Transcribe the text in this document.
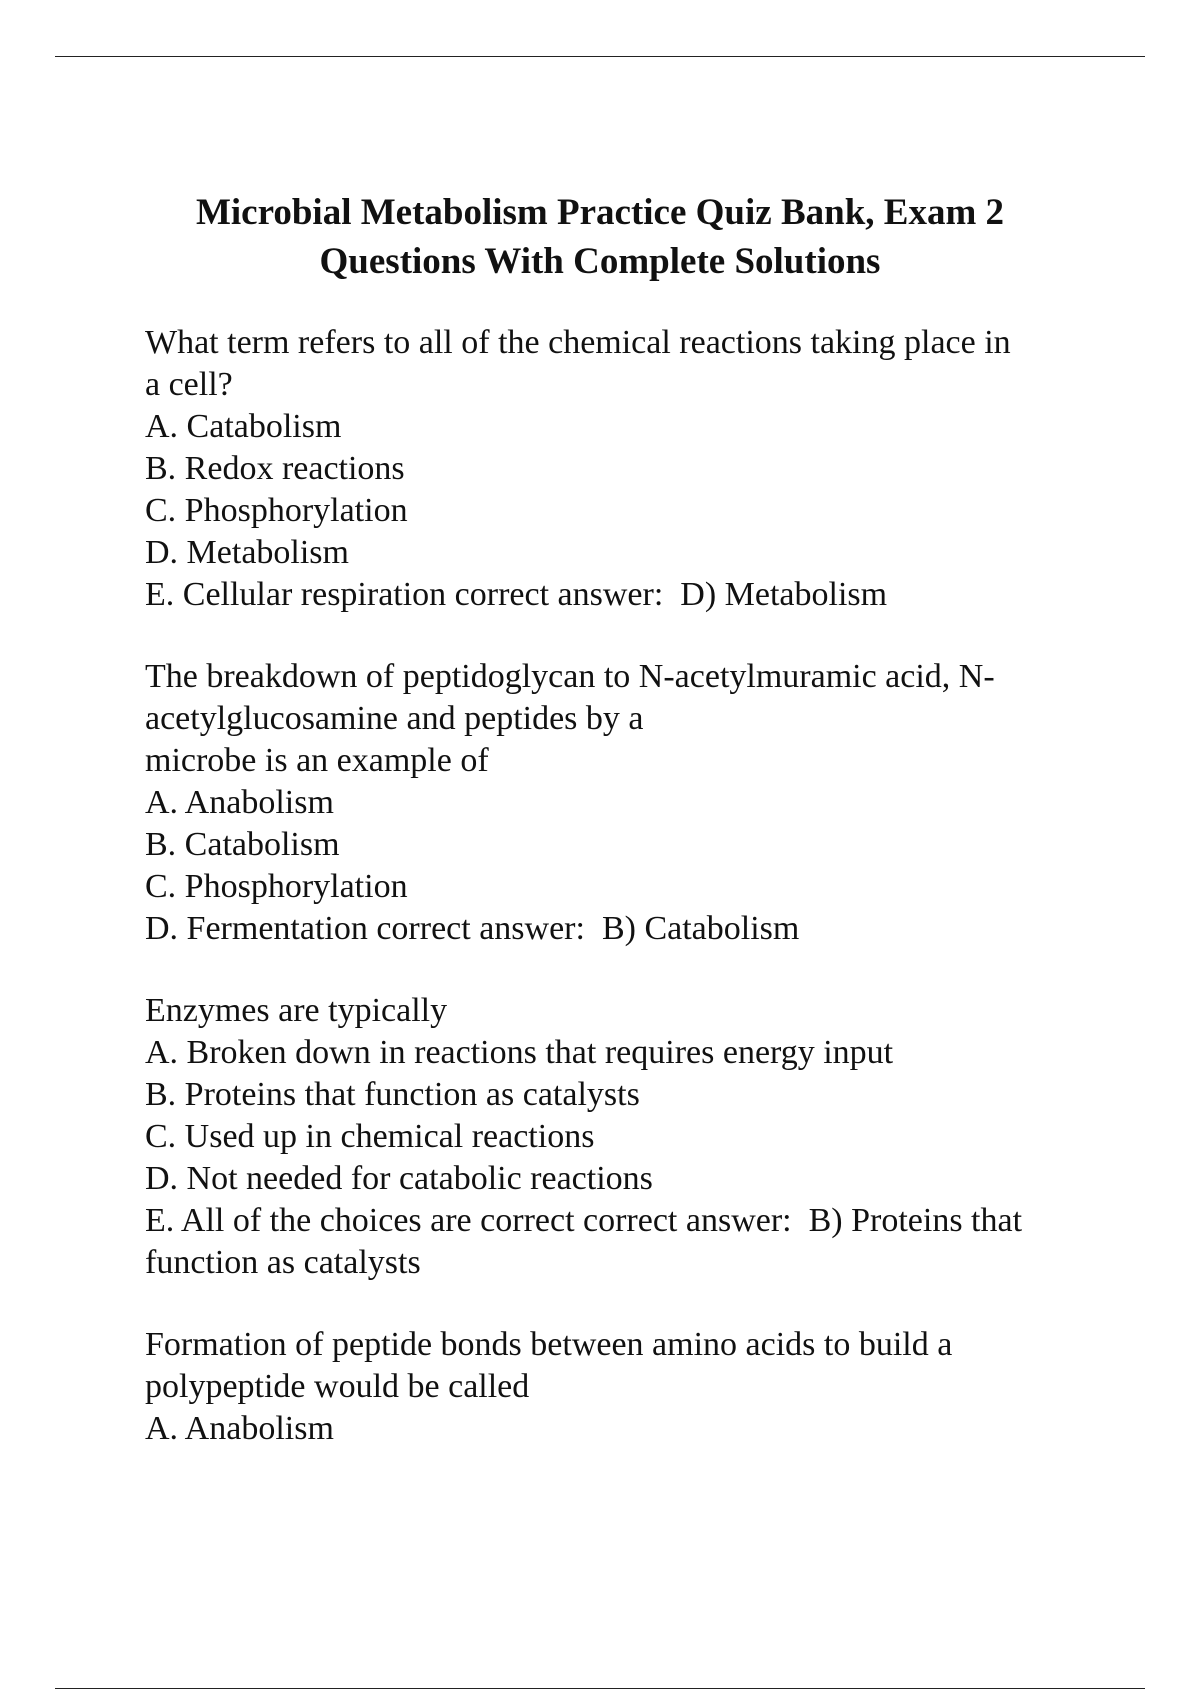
Microbial Metabolism Practice Quiz Bank, Exam 2
Questions With Complete Solutions
What term refers to all of the chemical reactions taking place in
a cell?
A. Catabolism
B. Redox reactions
C. Phosphorylation
D. Metabolism
E. Cellular respiration correct answer:  D) Metabolism
The breakdown of peptidoglycan to N-acetylmuramic acid, N-
acetylglucosamine and peptides by a
microbe is an example of
A. Anabolism
B. Catabolism
C. Phosphorylation
D. Fermentation correct answer:  B) Catabolism
Enzymes are typically
A. Broken down in reactions that requires energy input
B. Proteins that function as catalysts
C. Used up in chemical reactions
D. Not needed for catabolic reactions
E. All of the choices are correct correct answer:  B) Proteins that
function as catalysts
Formation of peptide bonds between amino acids to build a
polypeptide would be called
A. Anabolism
